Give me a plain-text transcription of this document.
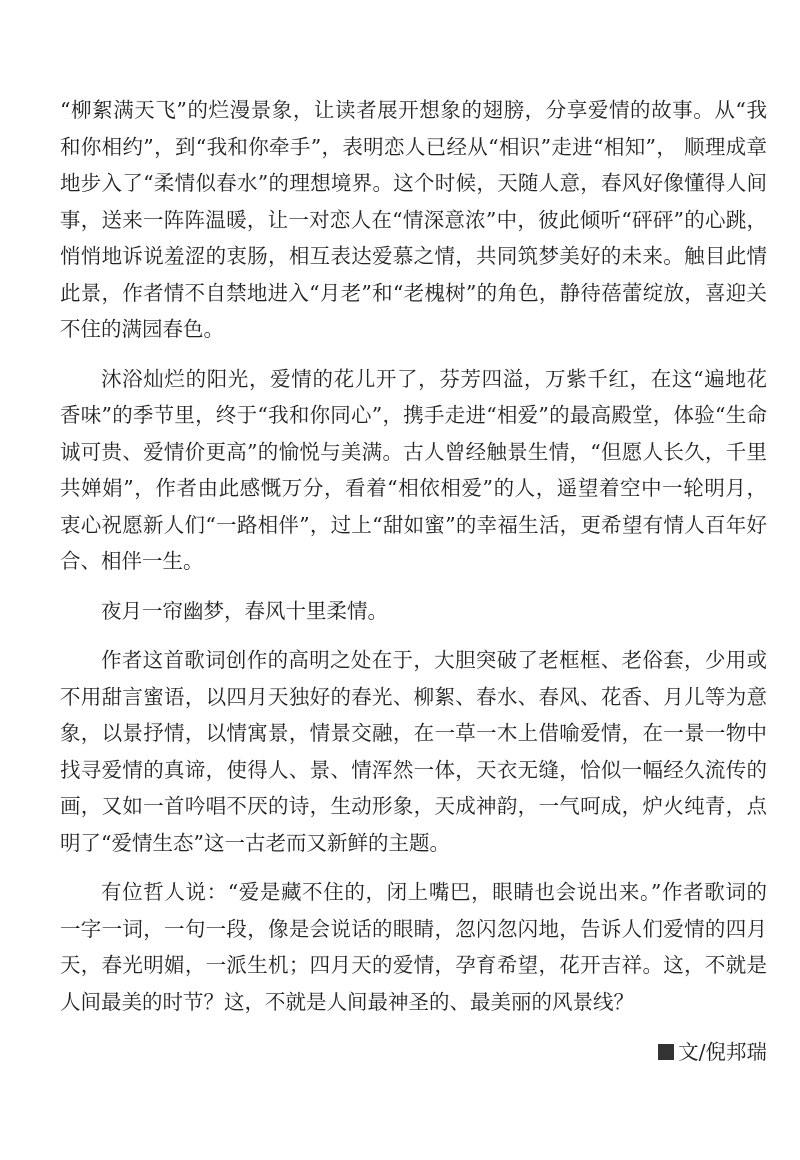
“柳絮满天飞”的烂漫景象，让读者展开想象的翅膀，分享爱情的故事。从“我和你相约”，到“我和你牵手”，表明恋人已经从“相识”走进“相知”， 顺理成章地步入了“柔情似春水”的理想境界。这个时候，天随人意，春风好像懂得人间事，送来一阵阵温暖，让一对恋人在“情深意浓”中，彼此倾听“砰砰”的心跳，悄悄地诉说羞涩的衷肠，相互表达爱慕之情，共同筑梦美好的未来。触目此情此景，作者情不自禁地进入“月老”和“老槐树”的角色，静待蓓蕾绽放，喜迎关不住的满园春色。

沐浴灿烂的阳光，爱情的花儿开了，芬芳四溢，万紫千红，在这“遍地花香味”的季节里，终于“我和你同心”，携手走进“相爱”的最高殿堂，体验“生命诚可贵、爱情价更高”的愉悦与美满。古人曾经触景生情，“但愿人长久，千里共婵娟”，作者由此感慨万分，看着“相依相爱”的人，遥望着空中一轮明月，衷心祝愿新人们“一路相伴”，过上“甜如蜜”的幸福生活，更希望有情人百年好合、相伴一生。

夜月一帘幽梦，春风十里柔情。

作者这首歌词创作的高明之处在于，大胆突破了老框框、老俗套，少用或不用甜言蜜语，以四月天独好的春光、柳絮、春水、春风、花香、月儿等为意象，以景抒情，以情寓景，情景交融，在一草一木上借喻爱情，在一景一物中找寻爱情的真谛，使得人、景、情浑然一体，天衣无缝，恰似一幅经久流传的画，又如一首吟唱不厌的诗，生动形象，天成神韵，一气呵成，炉火纯青，点明了“爱情生态”这一古老而又新鲜的主题。

有位哲人说：“爱是藏不住的，闭上嘴巴，眼睛也会说出来。”作者歌词的一字一词，一句一段，像是会说话的眼睛，忽闪忽闪地，告诉人们爱情的四月天，春光明媚，一派生机；四月天的爱情，孕育希望，花开吉祥。这，不就是人间最美的时节？这，不就是人间最神圣的、最美丽的风景线？

文/倪邦瑞
